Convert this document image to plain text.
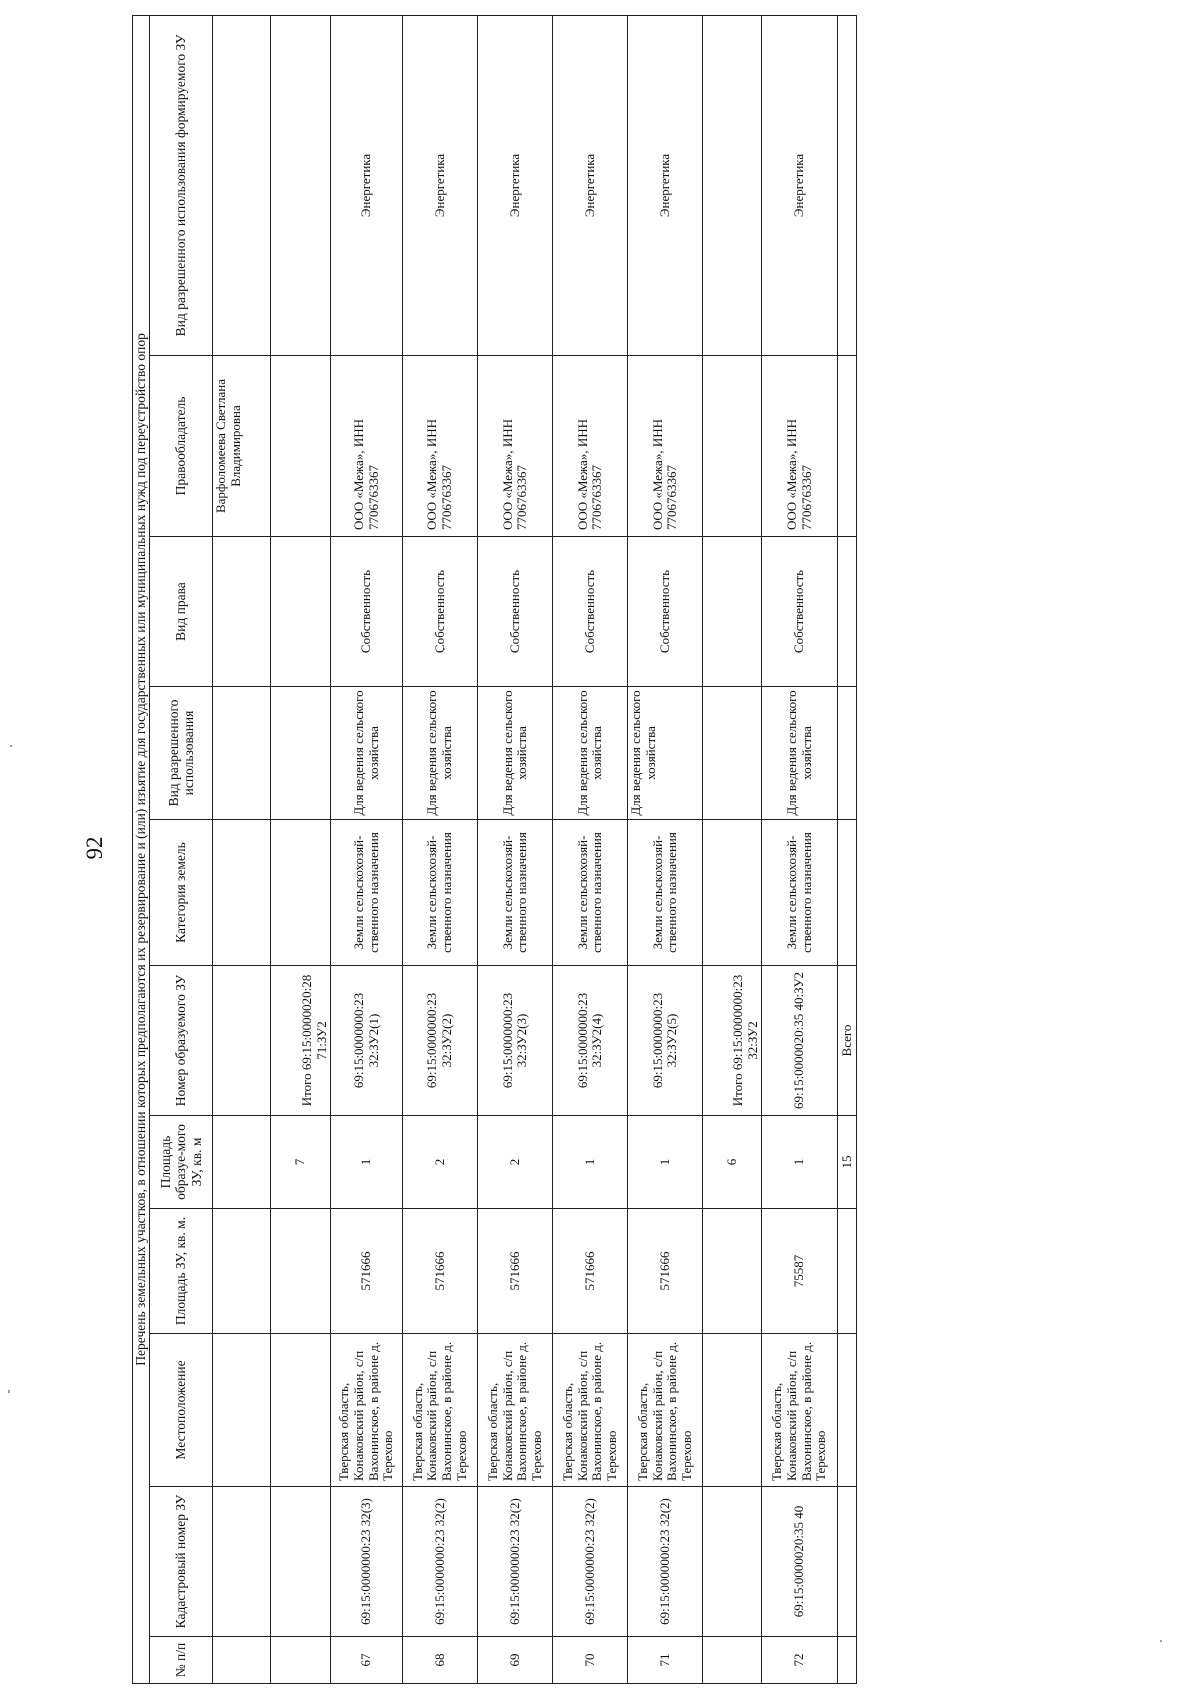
92 Перечень земельных участков, в отношении которых предполагаются их резервирование и (или) изъятие для государственных или муниципальных нужд под переустройство опор										
№ п/п	Кадастровый номер ЗУ	Местоположение	Площадь ЗУ, кв. м.	Площадь образуе-мого ЗУ, кв. м	Номер образуемого ЗУ	Категория земель	Вид разрешенного использования	Вид права	Правообладатель	Вид разрешенного использования формируемого ЗУ
									Варфоломеева Светлана Владимировна	
				7	Итого 69:15:0000020:28 71:ЗУ2					
67	69:15:0000000:23 32(3)	Тверская область, Конаковский район, с/п Вахонинское, в районе д. Терехово	571666	1	69:15:0000000:23 32:ЗУ2(1)	Земли сельскохозяй-ственного назначения	Для ведения сельского хозяйства	Собственность	ООО «Межа», ИНН 7706763367	Энергетика
68	69:15:0000000:23 32(2)	Тверская область, Конаковский район, с/п Вахонинское, в районе д. Терехово	571666	2	69:15:0000000:23 32:ЗУ2(2)	Земли сельскохозяй-ственного назначения	Для ведения сельского хозяйства	Собственность	ООО «Межа», ИНН 7706763367	Энергетика
69	69:15:0000000:23 32(2)	Тверская область, Конаковский район, с/п Вахонинское, в районе д. Терехово	571666	2	69:15:0000000:23 32:ЗУ2(3)	Земли сельскохозяй-ственного назначения	Для ведения сельского хозяйства	Собственность	ООО «Межа», ИНН 7706763367	Энергетика
70	69:15:0000000:23 32(2)	Тверская область, Конаковский район, с/п Вахонинское, в районе д. Терехово	571666	1	69:15:0000000:23 32:ЗУ2(4)	Земли сельскохозяй-ственного назначения	Для ведения сельского хозяйства	Собственность	ООО «Межа», ИНН 7706763367	Энергетика
71	69:15:0000000:23 32(2)	Тверская область, Конаковский район, с/п Вахонинское, в районе д. Терехово	571666	1	69:15:0000000:23 32:ЗУ2(5)	Земли сельскохозяй-ственного назначения	Для ведения сельского хозяйства	Собственность	ООО «Межа», ИНН 7706763367	Энергетика
				6	Итого 69:15:0000000:23 32:ЗУ2					
72	69:15:0000020:35 40	Тверская область, Конаковский район, с/п Вахонинское, в районе д. Терехово	75587	1	69:15:0000020:35 40:ЗУ2	Земли сельскохозяй-ственного назначения	Для ведения сельского хозяйства	Собственность	ООО «Межа», ИНН 7706763367	Энергетика
				15	Всего					
